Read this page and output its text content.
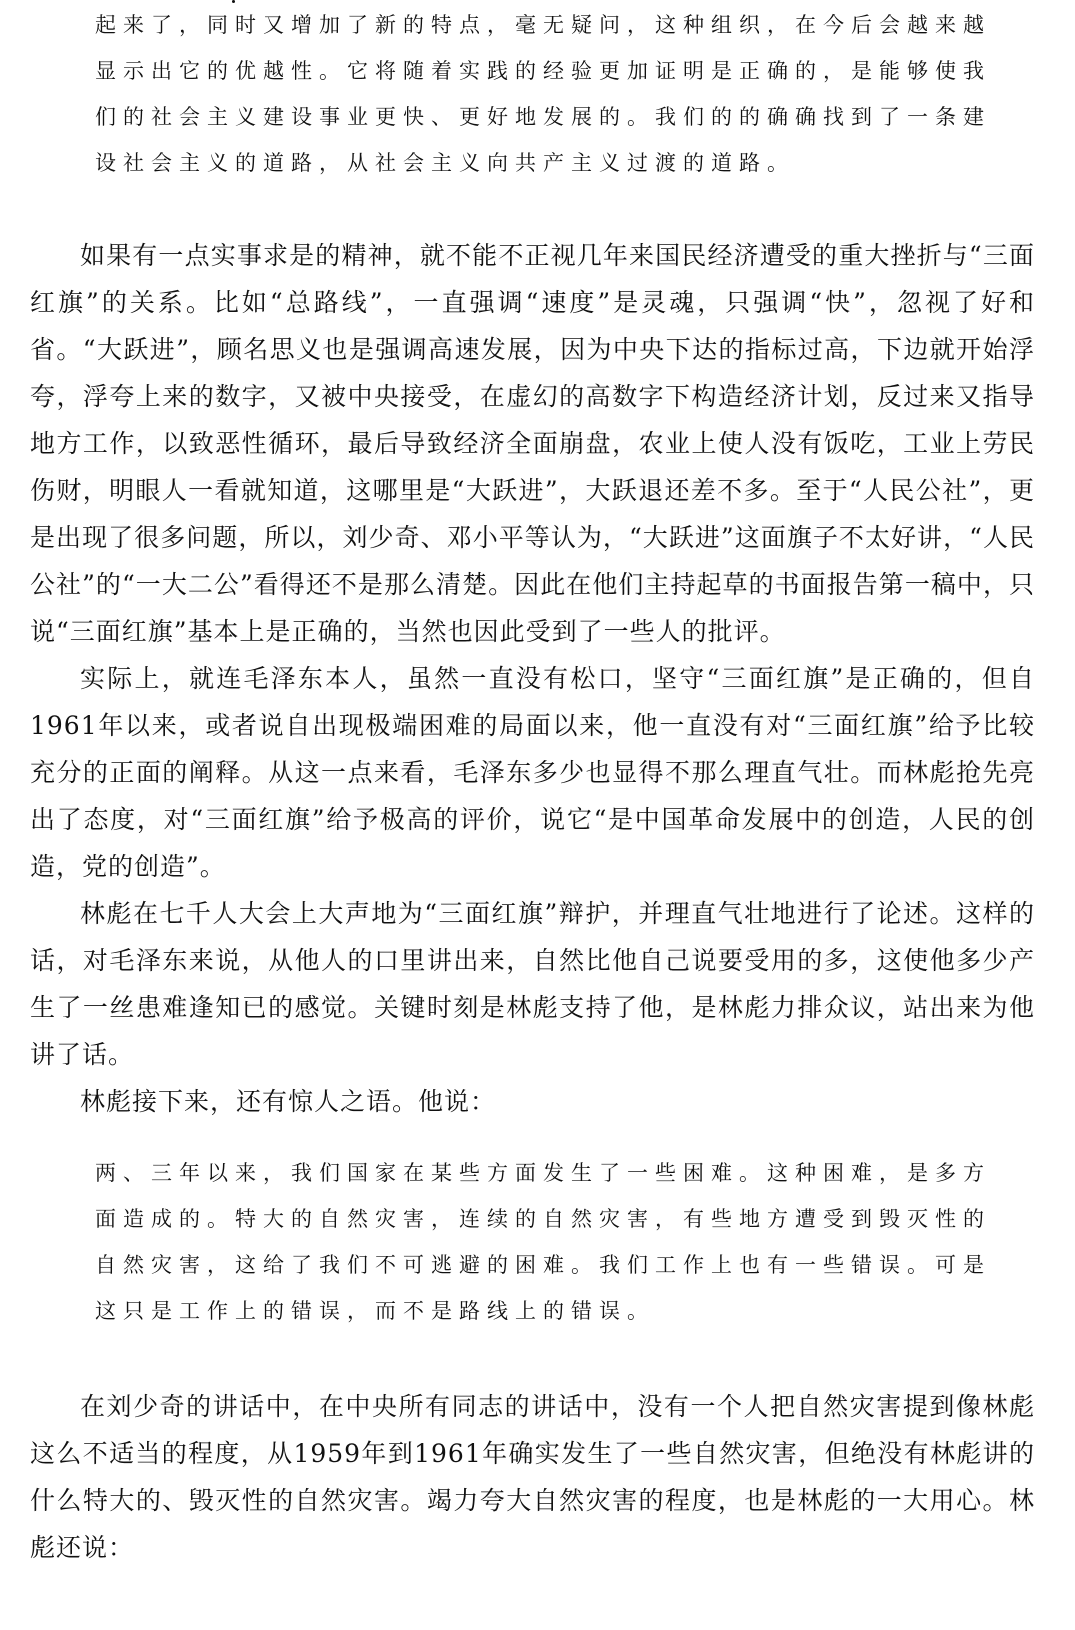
起来了，同时又增加了新的特点，毫无疑问，这种组织，在今后会越来越显示出它的优越性。它将随着实践的经验更加证明是正确的，是能够使我们的社会主义建设事业更快、更好地发展的。我们的的确确找到了一条建设社会主义的道路，从社会主义向共产主义过渡的道路。

如果有一点实事求是的精神，就不能不正视几年来国民经济遭受的重大挫折与“三面红旗”的关系。比如“总路线”，一直强调“速度”是灵魂，只强调“快”，忽视了好和省。“大跃进”，顾名思义也是强调高速发展，因为中央下达的指标过高，下边就开始浮夸，浮夸上来的数字，又被中央接受，在虚幻的高数字下构造经济计划，反过来又指导地方工作，以致恶性循环，最后导致经济全面崩盘，农业上使人没有饭吃，工业上劳民伤财，明眼人一看就知道，这哪里是“大跃进”，大跃退还差不多。至于“人民公社”，更是出现了很多问题，所以，刘少奇、邓小平等认为，“大跃进”这面旗子不太好讲，“人民公社”的“一大二公”看得还不是那么清楚。因此在他们主持起草的书面报告第一稿中，只说“三面红旗”基本上是正确的，当然也因此受到了一些人的批评。

实际上，就连毛泽东本人，虽然一直没有松口，坚守“三面红旗”是正确的，但自1961年以来，或者说自出现极端困难的局面以来，他一直没有对“三面红旗”给予比较充分的正面的阐释。从这一点来看，毛泽东多少也显得不那么理直气壮。而林彪抢先亮出了态度，对“三面红旗”给予极高的评价，说它“是中国革命发展中的创造，人民的创造，党的创造”。

林彪在七千人大会上大声地为“三面红旗”辩护，并理直气壮地进行了论述。这样的话，对毛泽东来说，从他人的口里讲出来，自然比他自己说要受用的多，这使他多少产生了一丝患难逢知已的感觉。关键时刻是林彪支持了他，是林彪力排众议，站出来为他讲了话。

林彪接下来，还有惊人之语。他说：

两、三年以来，我们国家在某些方面发生了一些困难。这种困难，是多方面造成的。特大的自然灾害，连续的自然灾害，有些地方遭受到毁灭性的自然灾害，这给了我们不可逃避的困难。我们工作上也有一些错误。可是这只是工作上的错误，而不是路线上的错误。

在刘少奇的讲话中，在中央所有同志的讲话中，没有一个人把自然灾害提到像林彪这么不适当的程度，从1959年到1961年确实发生了一些自然灾害，但绝没有林彪讲的什么特大的、毁灭性的自然灾害。竭力夸大自然灾害的程度，也是林彪的一大用心。林彪还说：
